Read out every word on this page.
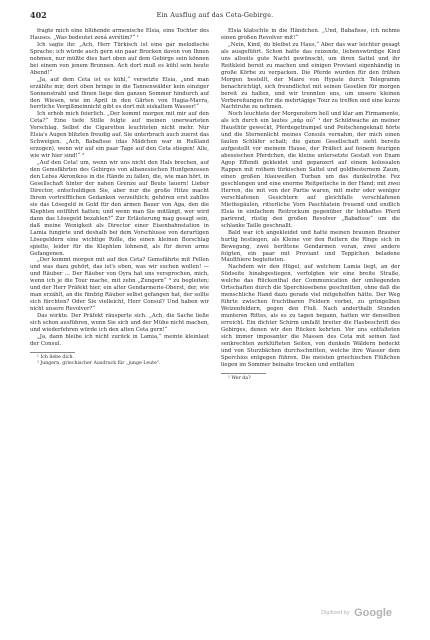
402	Ein Ausflug auf das Ceta-Gebirge.

fragte mich eine blühende armenische Elsia, eine Tochter des Hauses. „Was bedeutet zená avrétim?“ ¹

Ich sagte ihr. „Ach, Herr Türkisch ist eine gar melodische Sprache; ich würde auch gern ein paar Brocken davon von Ihnen nehmen, nur müßte dies hart oben auf dem Gebirge sein können bei einem von jenem Brunnen. Ach dort muß es kühl sein heute Abend!“

„Ja, auf dem Ceta ist es kühl,“ versetzte Elsia, „und man erzählte mir, dort oben bringe in die Tannenwälder kein einziger Sonnenstrahl und Ihnen liege den ganzen Sommer hindurch auf den Wiesen, wie im April in den Gärten von Hagia-Mavra, herrliche Vergißmeinnicht gibt es dort mit eiskaltem Wasser!“

Ich erhob mich feierlich. „Der kommt morgen mit mir auf den Ceta?“ Eine tiefe Stille folgte auf meinen unerwarteten Vorschlag. Selbst die Cigaretten leuchteten nicht mehr. Nur Elsia's Augen blitzten freudig auf. Sie unterbrach auch zuerst das Schweigen. „Ach, Babafisse (das Mädchen war in Rußland erzogen), wenn wir auf ein paar Tage auf den Ceta stiegen! Alle, wie wir hier sind!“ ²

„Auf den Ceta! um, wenn wir uns nicht den Hals brechen, auf den Gemsfährten des Gebirges von albanesischen Hunfgenossen den Lebss Akronikiss in die Hände zu fallen, die, wie man hört, in Gesellschaft hinter der nahen Grenze auf Beute lauern! Lieber Director, entschuldigen Sie, aber nur die große Hitze macht Ihrem vortrefflichen Gedanken verzeihlich; gehören erst zahllos sie das Lösegeld in Gold für den armen Bauer von Aga, den die Klephten entführt hatten; und wenn man Sie mitfängt, wer wird dann das Lösegeld bezahlen?“ Zur Erläuterung mag gesagt sein, daß meine Wenigkeit als Director einer Eisenbahnstation in Lamia fungirte und deshalb bei dem Vorschlusse von derartigen Lösegeldern eine wichtige Rolle, die einen kleinen Borschlag spielte, leider für die Klephten lohnend, als für deren arme Gefangenen.

„Der kommt morgen mit auf den Ceta? Gemsfährte mit Fellen und was dazu gehört, das ist's eben, was wir suchen wollen! — und Räuber … Der Räuber von Oyra hat uns versprochen, mich, wenn ich je die Tour mache, mit zehn „Zungern“ ³ zu begleiten; und der Herr Präfekt hier, ein alter Gendarmerie-Oberst, der, wie man erzählt, an die fünfzig Räuber selbst gefangen hat, der sollte sich fürchten? Oder Sie vielleicht, Herr Consul? Und haben wir nicht unsere Revolver?“

Das wirkte. Der Präfekt räusperte sich. „Ach, die Sache ließe sich schon ausführen, wenn Sie sich und der Mühe nicht machen, und wiederfehren würde ich den alten Ceta gern!“

„Ja, dann bleibe ich nicht zurück in Lamia,“ meinte kleinlaut der Consul.

¹ Ich liebe dich.

² Jungern, griechischer Ausdruck für „junge Leute“.

Elsia klatschte in die Händchen. „Und, Babafisse, ich nehme einen großen Revolver mit!“

„Nein, Kind, du bleibst zu Haus,“ Aber das war leichter gesagt als ausgeführt. Schon hatte das reizende, liebenswürdige Kind uns allseits gute Nacht gewünscht, um ihren Sattel und ihr Reitkleid bereit zu machen und einigen Proviant eigenhändig in große Körbe zu verpacken. Die Pferde wurden für den frühen Morgen bestellt, der Maire von Hypate durch Telegramm benachrichtigt, sich freundlichst mit seinen Gesellen für morgen bereit zu halten, und wir trennten uns, um unsere kleinen Vorbereitungen für die mehrtägige Tour zu treffen und eine kurze Nachtruhe zu nehmen.

Noch leuchtete der Morgenstern hell und klar am Firmamente, als ich durch ein lautes „πάρ αὐ“ ¹ der Schildwache an meiner Hausthür geweckt, Pferdegetrampel und Peitschengeknall hörte und die Sternenlicht meines Consuls vernahm, der mich einen faulen Schläfer schalt; die ganze Gesellschaft sieht bereits aufgestellt vor meinem Hause, der Präfect auf feinem feurigen abessischen Pferdchen, die kleine untersetzte Gestalt von Enam Agop Effendi gekleidet und gepanzert auf einem kolossalen Rappen mit rothem türkischen Sattel und goldbesternem Zaum, einen großen blauweißen Turban um das dunkelrothe Fez geschlungen und eine enorme Reitpeitsche in der Hand; mit zwei Herren, die mit von der Partie waren, mit mehr oder weniger verschlafenen Gesichtern auf gleichfalls verschlafenen Miethsgäulen, ritterliche Vorn Paschtatein freuend und endlich Elsia in einfachem Reitrockum gegenüber ihr lebhaftes Pferd parirend, rüstig den großen Revolver „Babafisse“ um die schlanke Taille geschnallt.

Bald war ich angekleidet und hatte meinen braunen Brauner hurtig bestiegen, als Kleine vor den Reitern die Ringe sich in Bewegung, zwei berittene Gendarmen voran, zwei andere folgten, ein paar mit Proviant und Teppichen beladene Maulthiere begleiteten.

Nachdem wir den Hügel, auf welchem Lamia liegt, an der Südseite hinabgestiegen, verfolgten wir eine breite Straße, welche das Rückenthal der Communication der umliegenden Ortschaften durch die Sperchiosebene geschnitten, ohne daß die menschliche Hand dazu gerade viel mitgeholfen hätte. Der Weg führte zwischen fruchtbaren Feldern vorbei, zu grüngelben Weizenfeldern, gegen den Fluß. Nach anderthalb Stunden munteren Rittes, als es zu tagen begann, hatten wir denselben erreicht. Ein dichter Schirm umfaßt breiter die Hasbeschrift des Gebirges, denen wir den Rücken kehrten. Vor uns entfalteten sich immer imposanter die Massen des Ceta mit seinen fast senkrechten zerklüfteten Seiten, von dunkeln Wäldern bedeckt und von Sturzbächen durchschnitten, welche ihre Wasser dem Sperchios entgegen führen. Die meisten griechischen Flüßchen liegen im Sommer beinahe trocken und entfalten

¹ Wer da?

Digitized by Google
